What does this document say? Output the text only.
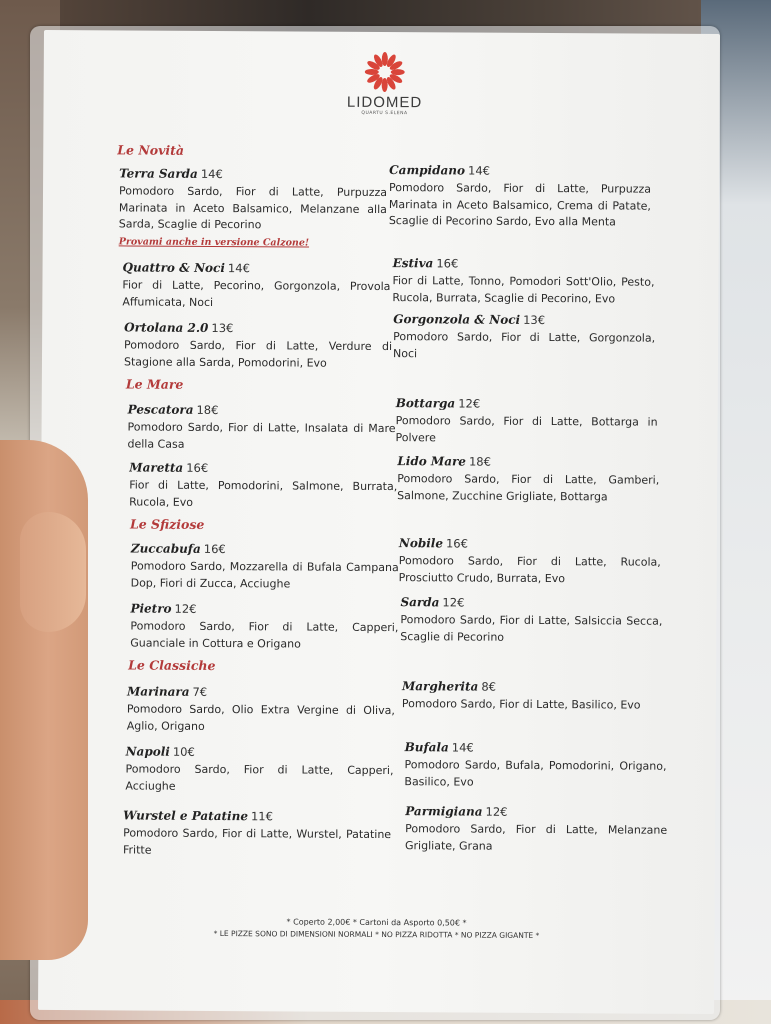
LIDOMED
QUARTU S.ELENA
Le Novità
Terra Sarda 14€
Pomodoro Sardo, Fior di Latte, Purpuzza Marinata in Aceto Balsamico, Melanzane alla Sarda, Scaglie di Pecorino
Provami anche in versione Calzone!
Campidano 14€
Pomodoro Sardo, Fior di Latte, Purpuzza Marinata in Aceto Balsamico, Crema di Patate, Scaglie di Pecorino Sardo, Evo alla Menta
Quattro & Noci 14€
Fior di Latte, Pecorino, Gorgonzola, Provola Affumicata, Noci
Estiva 16€
Fior di Latte, Tonno, Pomodori Sott'Olio, Pesto, Rucola, Burrata, Scaglie di Pecorino, Evo
Ortolana 2.0 13€
Pomodoro Sardo, Fior di Latte, Verdure di Stagione alla Sarda, Pomodorini, Evo
Gorgonzola & Noci 13€
Pomodoro Sardo, Fior di Latte, Gorgonzola, Noci
Le Mare
Pescatora 18€
Pomodoro Sardo, Fior di Latte, Insalata di Mare della Casa
Bottarga 12€
Pomodoro Sardo, Fior di Latte, Bottarga in Polvere
Maretta 16€
Fior di Latte, Pomodorini, Salmone, Burrata, Rucola, Evo
Lido Mare 18€
Pomodoro Sardo, Fior di Latte, Gamberi, Salmone, Zucchine Grigliate, Bottarga
Le Sfiziose
Zuccabufa 16€
Pomodoro Sardo, Mozzarella di Bufala Campana Dop, Fiori di Zucca, Acciughe
Nobile 16€
Pomodoro Sardo, Fior di Latte, Rucola, Prosciutto Crudo, Burrata, Evo
Pietro 12€
Pomodoro Sardo, Fior di Latte, Capperi, Guanciale in Cottura e Origano
Sarda 12€
Pomodoro Sardo, Fior di Latte, Salsiccia Secca, Scaglie di Pecorino
Le Classiche
Marinara 7€
Pomodoro Sardo, Olio Extra Vergine di Oliva, Aglio, Origano
Margherita 8€
Pomodoro Sardo, Fior di Latte, Basilico, Evo
Napoli 10€
Pomodoro Sardo, Fior di Latte, Capperi, Acciughe
Bufala 14€
Pomodoro Sardo, Bufala, Pomodorini, Origano, Basilico, Evo
Wurstel e Patatine 11€
Pomodoro Sardo, Fior di Latte, Wurstel, Patatine Fritte
Parmigiana 12€
Pomodoro Sardo, Fior di Latte, Melanzane Grigliate, Grana
* Coperto 2,00€ * Cartoni da Asporto 0,50€ *
* LE PIZZE SONO DI DIMENSIONI NORMALI * NO PIZZA RIDOTTA * NO PIZZA GIGANTE *
